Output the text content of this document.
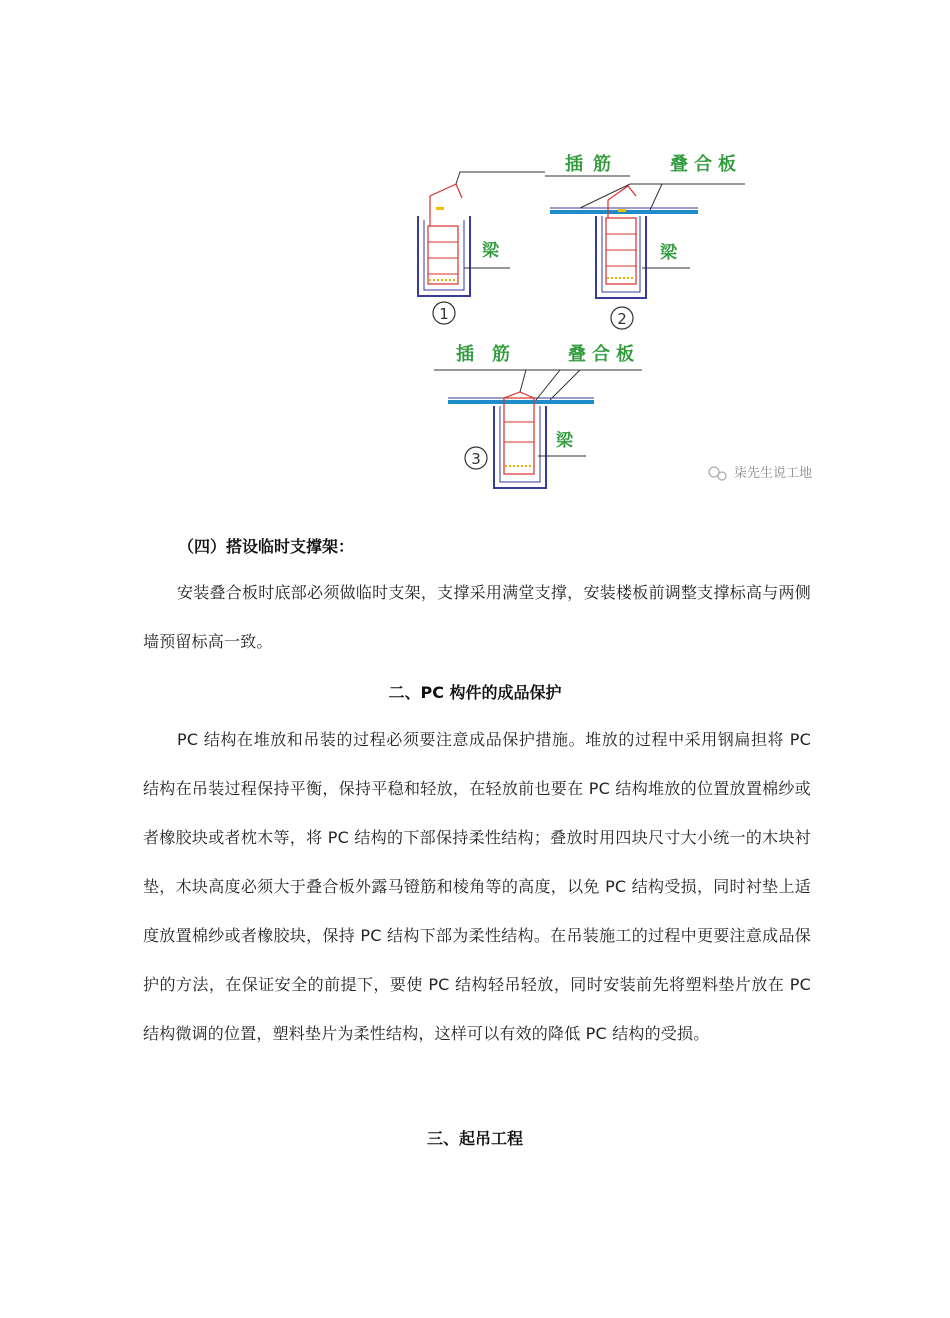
梁
1
插筋	叠合板
梁
2
插筋 叠合板
梁
3
柒先生说工地
（四）搭设临时支撑架：
安装叠合板时底部必须做临时支架，支撑采用满堂支撑，安装楼板前调整支撑标高与两侧墙预留标高一致。
二、PC 构件的成品保护
PC 结构在堆放和吊装的过程必须要注意成品保护措施。堆放的过程中采用钢扁担将 PC 结构在吊装过程保持平衡，保持平稳和轻放，在轻放前也要在 PC 结构堆放的位置放置棉纱或者橡胶块或者枕木等，将 PC 结构的下部保持柔性结构；叠放时用四块尺寸大小统一的木块衬垫，木块高度必须大于叠合板外露马镫筋和棱角等的高度，以免 PC 结构受损，同时衬垫上适度放置棉纱或者橡胶块，保持 PC 结构下部为柔性结构。在吊装施工的过程中更要注意成品保护的方法，在保证安全的前提下，要使 PC 结构轻吊轻放，同时安装前先将塑料垫片放在 PC 结构微调的位置，塑料垫片为柔性结构，这样可以有效的降低 PC 结构的受损。
三、起吊工程
